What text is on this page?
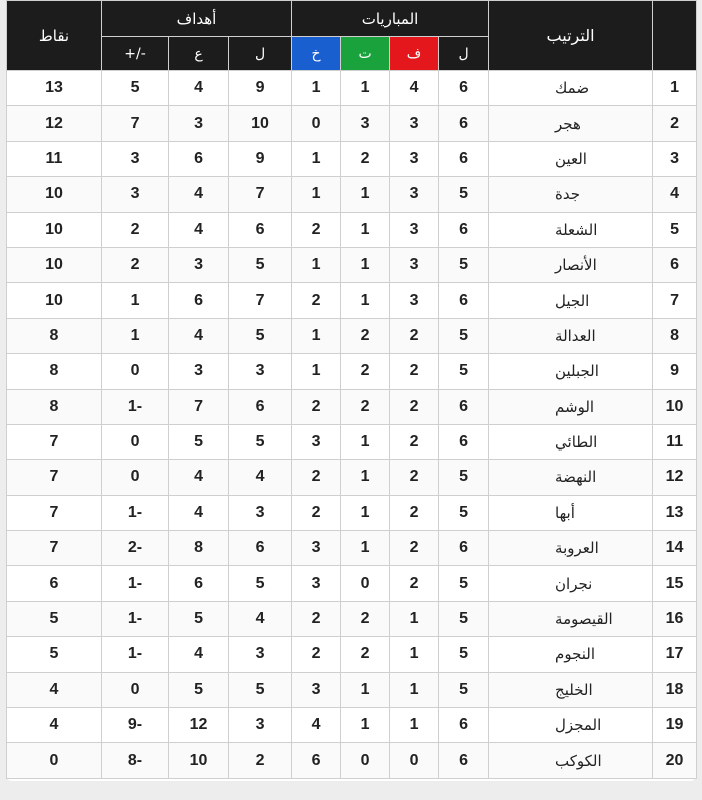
	الترتيب	المباريات				أهداف			نقاط
		ل	ف	ت	خ	ل	ع	-/+	
1	ضمك	6	4	1	1	9	4	5	13
2	هجر	6	3	3	0	10	3	7	12
3	العين	6	3	2	1	9	6	3	11
4	جدة	5	3	1	1	7	4	3	10
5	الشعلة	6	3	1	2	6	4	2	10
6	الأنصار	5	3	1	1	5	3	2	10
7	الجيل	6	3	1	2	7	6	1	10
8	العدالة	5	2	2	1	5	4	1	8
9	الجبلين	5	2	2	1	3	3	0	8
10	الوشم	6	2	2	2	6	7	1-	8
11	الطائي	6	2	1	3	5	5	0	7
12	النهضة	5	2	1	2	4	4	0	7
13	أبها	5	2	1	2	3	4	1-	7
14	العروبة	6	2	1	3	6	8	2-	7
15	نجران	5	2	0	3	5	6	1-	6
16	القيصومة	5	1	2	2	4	5	1-	5
17	النجوم	5	1	2	2	3	4	1-	5
18	الخليج	5	1	1	3	5	5	0	4
19	المجزل	6	1	1	4	3	12	9-	4
20	الكوكب	6	0	0	6	2	10	8-	0
